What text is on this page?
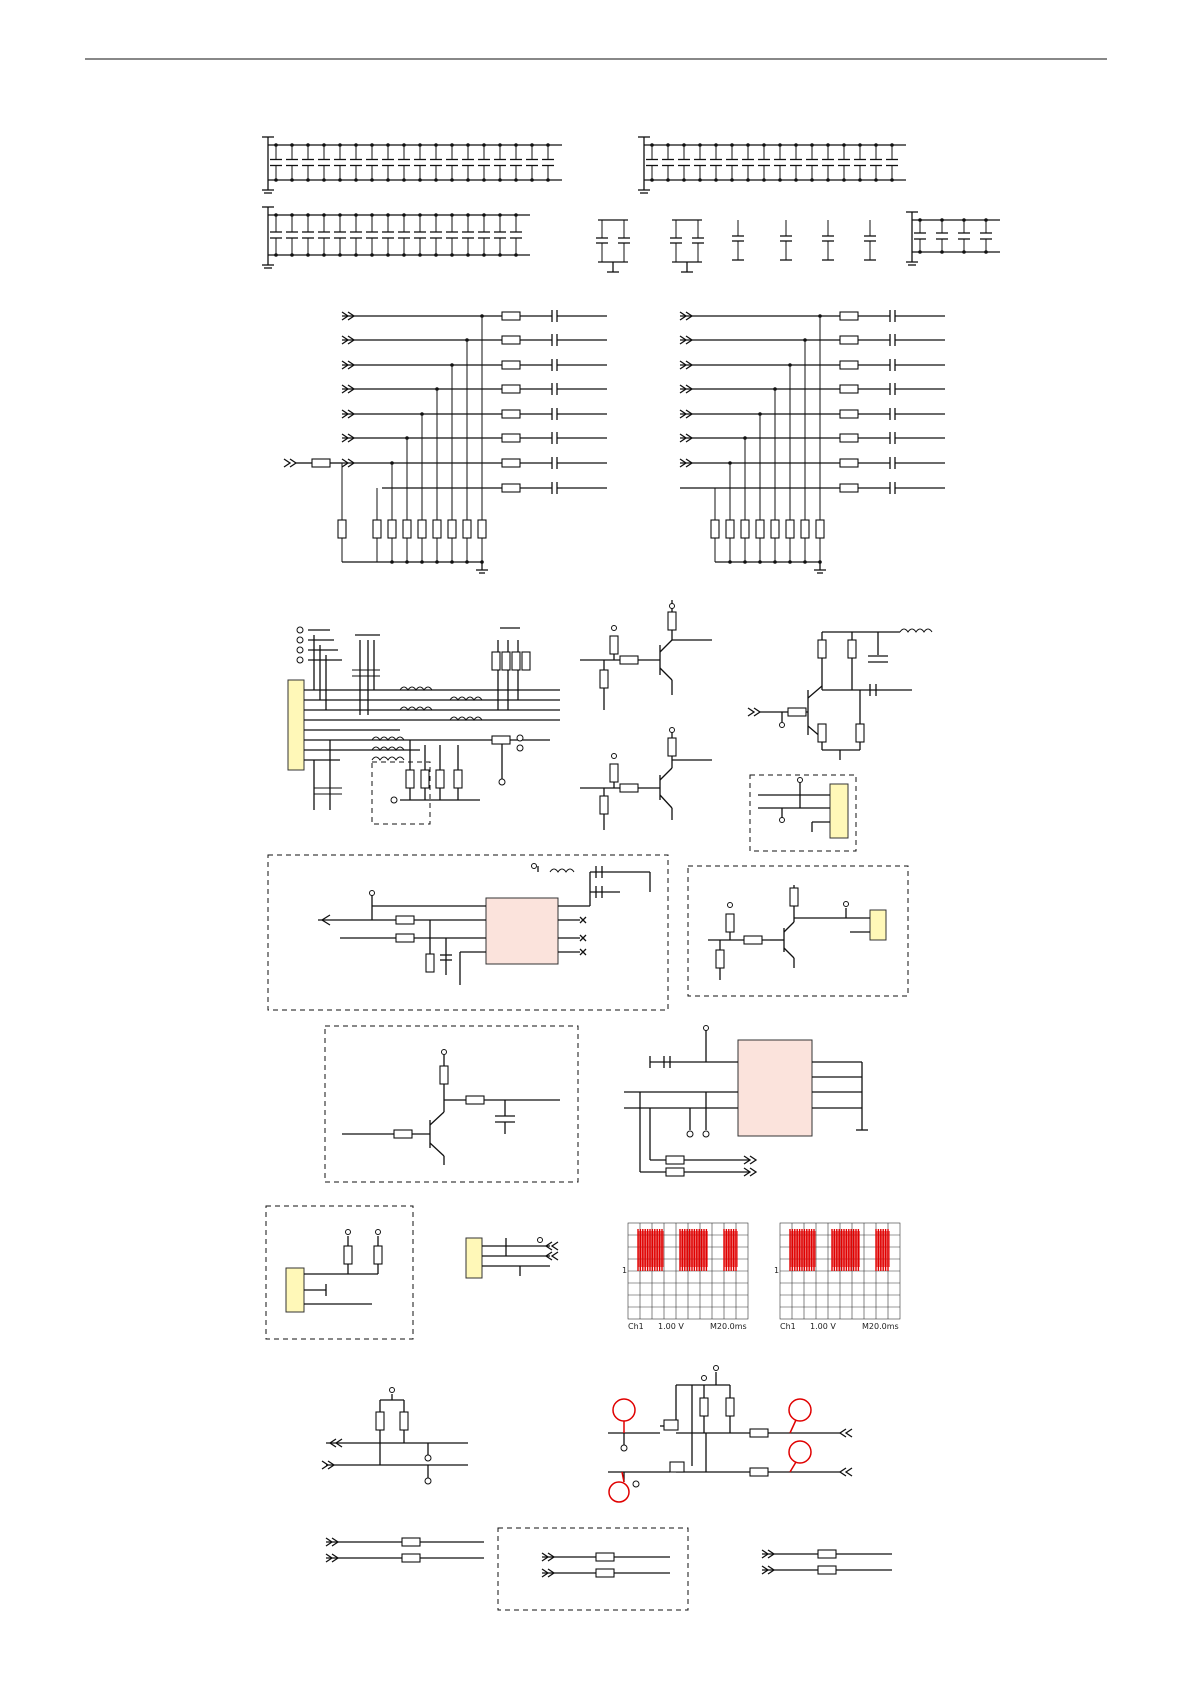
1
Ch1 1.00 V	M20.0ms
1
Ch1 1.00 V	M20.0ms
